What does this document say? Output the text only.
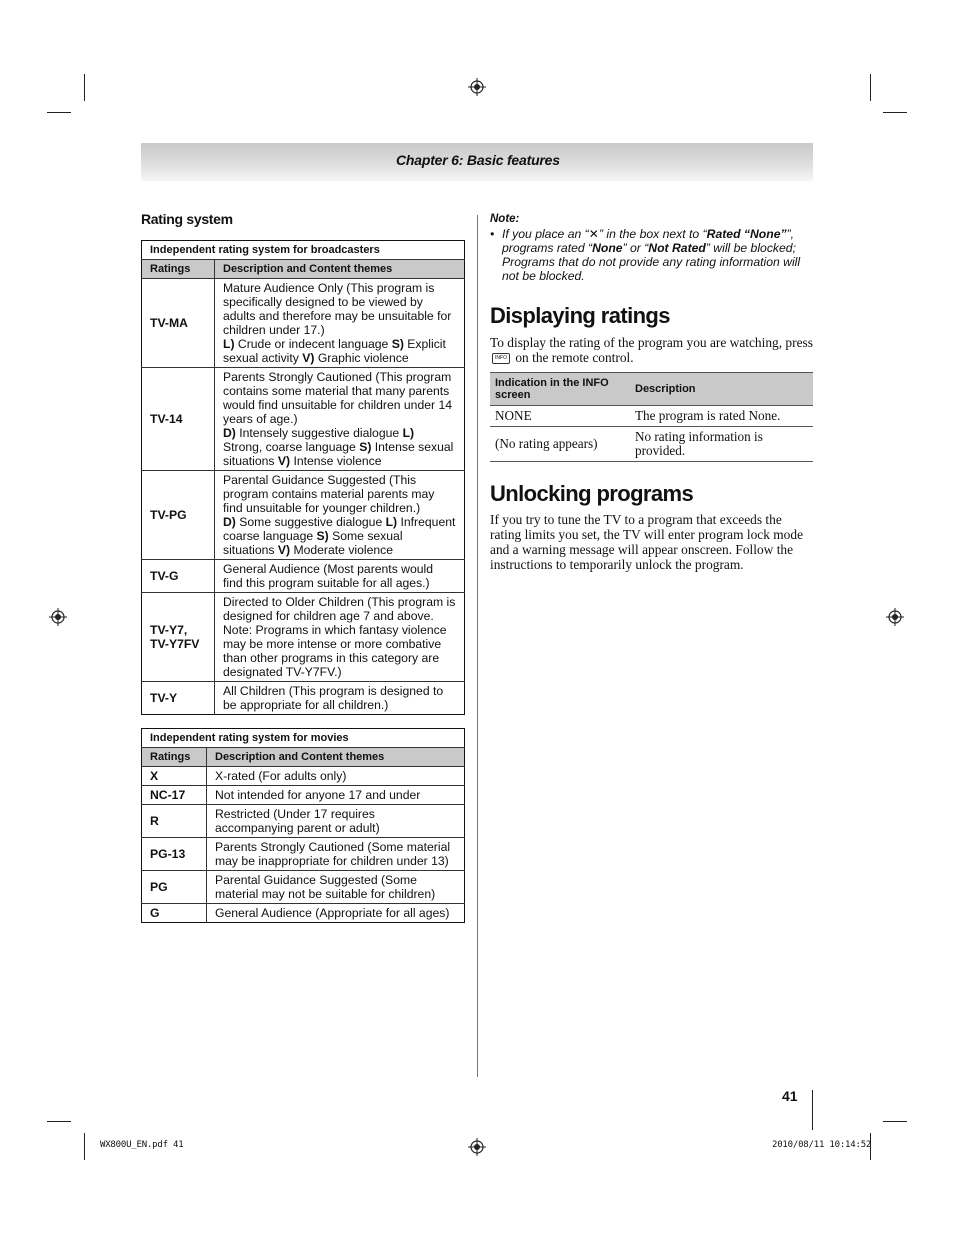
Chapter 6: Basic features
Rating system
Independent rating system for broadcasters	
Ratings	Description and Content themes
TV-MA	Mature Audience Only (This program is specifically designed to be viewed by adults and therefore may be unsuitable for children under 17.)
L) Crude or indecent language S) Explicit sexual activity V) Graphic violence
TV-14	Parents Strongly Cautioned (This program contains some material that many parents would find unsuitable for children under 14 years of age.)
D) Intensely suggestive dialogue L) Strong, coarse language S) Intense sexual situations V) Intense violence
TV-PG	Parental Guidance Suggested (This program contains material parents may find unsuitable for younger children.)
D) Some suggestive dialogue L) Infrequent coarse language S) Some sexual situations V) Moderate violence
TV-G	General Audience (Most parents would find this program suitable for all ages.)
TV-Y7,
TV-Y7FV	Directed to Older Children (This program is designed for children age 7 and above. Note: Programs in which fantasy violence may be more intense or more combative than other programs in this category are designated TV-Y7FV.)
TV-Y	All Children (This program is designed to be appropriate for all children.)
Independent rating system for movies	
Ratings	Description and Content themes
X	X-rated (For adults only)
NC-17	Not intended for anyone 17 and under
R	Restricted (Under 17 requires accompanying parent or adult)
PG-13	Parents Strongly Cautioned (Some material may be inappropriate for children under 13)
PG	Parental Guidance Suggested (Some material may not be suitable for children)
G	General Audience (Appropriate for all ages)
Note:
• If you place an “✕” in the box next to “Rated “None””, programs rated “None” or “Not Rated” will be blocked; Programs that do not provide any rating information will not be blocked.
Displaying ratings
To display the rating of the program you are watching, press INFO on the remote control.
Indication in the INFO screen	Description
NONE	The program is rated None.
(No rating appears)	No rating information is provided.
Unlocking programs
If you try to tune the TV to a program that exceeds the rating limits you set, the TV will enter program lock mode and a warning message will appear onscreen. Follow the instructions to temporarily unlock the program.
41
WX800U_EN.pdf 41	2010/08/11 10:14:52
